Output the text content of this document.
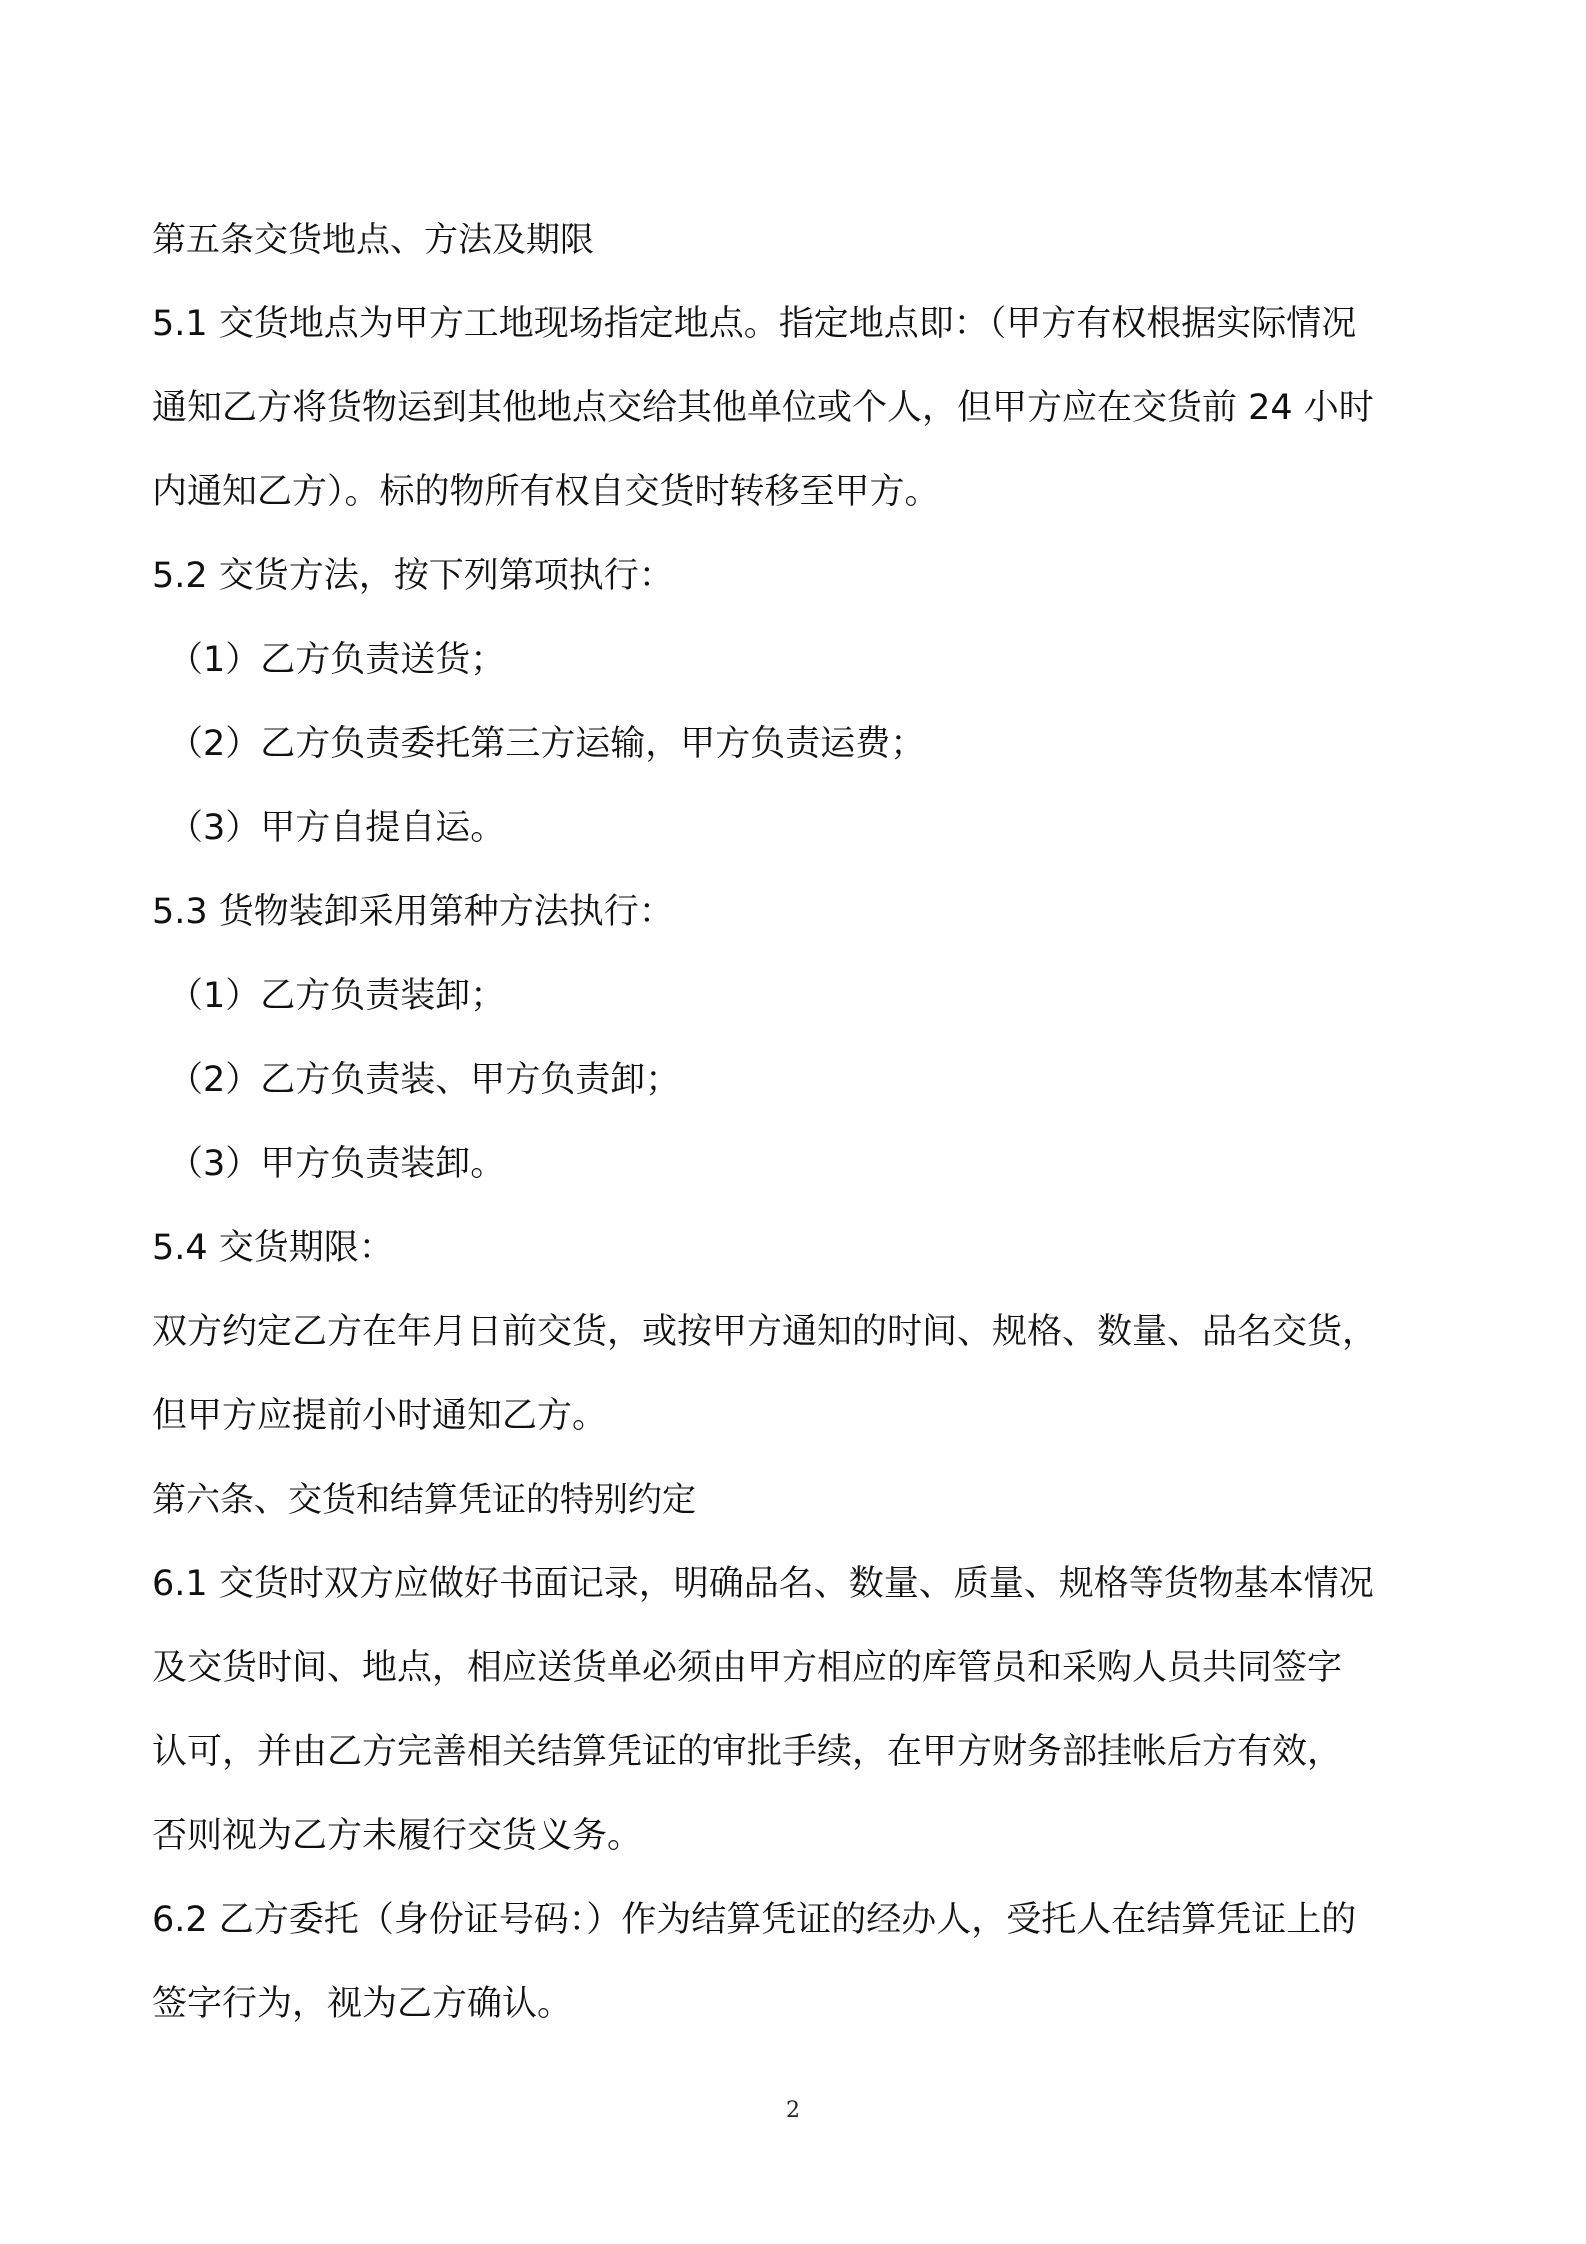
第五条交货地点、方法及期限
5.1 交货地点为甲方工地现场指定地点。指定地点即：（甲方有权根据实际情况
通知乙方将货物运到其他地点交给其他单位或个人，但甲方应在交货前 24 小时
内通知乙方）。标的物所有权自交货时转移至甲方。
5.2 交货方法，按下列第项执行：
（1）乙方负责送货；
（2）乙方负责委托第三方运输，甲方负责运费；
（3）甲方自提自运。
5.3 货物装卸采用第种方法执行：
（1）乙方负责装卸；
（2）乙方负责装、甲方负责卸；
（3）甲方负责装卸。
5.4 交货期限：
双方约定乙方在年月日前交货，或按甲方通知的时间、规格、数量、品名交货，
但甲方应提前小时通知乙方。
第六条、交货和结算凭证的特别约定
6.1 交货时双方应做好书面记录，明确品名、数量、质量、规格等货物基本情况
及交货时间、地点，相应送货单必须由甲方相应的库管员和采购人员共同签字
认可，并由乙方完善相关结算凭证的审批手续，在甲方财务部挂帐后方有效，
否则视为乙方未履行交货义务。
6.2 乙方委托（身份证号码：）作为结算凭证的经办人，受托人在结算凭证上的
签字行为，视为乙方确认。
2
